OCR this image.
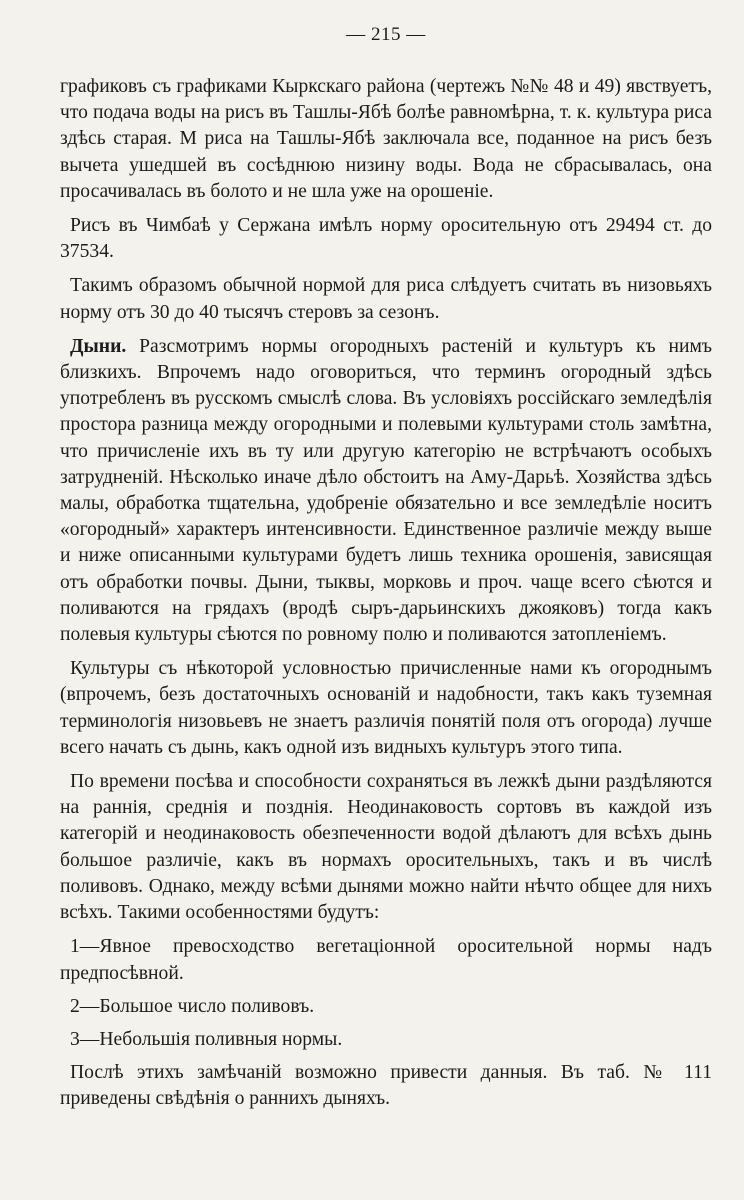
— 215 —

графиковъ съ графиками Кыркскаго района (чертежъ №№ 48 и 49) явствуетъ, что подача воды на рисъ въ Ташлы-Ябѣ болѣе равномѣрна, т. к. культура риса здѣсь старая. М риса на Ташлы-Ябѣ заключала все, поданное на рисъ безъ вычета ушедшей въ сосѣднюю низину воды. Вода не сбрасывалась, она просачивалась въ болото и не шла уже на орошеніе.

Рисъ въ Чимбаѣ у Сержана имѣлъ норму оросительную отъ 29494 ст. до 37534.

Такимъ образомъ обычной нормой для риса слѣдуетъ считать въ низовьяхъ норму отъ 30 до 40 тысячъ стеровъ за сезонъ.

Дыни. Разсмотримъ нормы огородныхъ растеній и культуръ къ нимъ близкихъ. Впрочемъ надо оговориться, что терминъ огородный здѣсь употребленъ въ русскомъ смыслѣ слова. Въ условіяхъ россійскаго земледѣлія простора разница между огородными и полевыми культурами столь замѣтна, что причисленіе ихъ въ ту или другую категорію не встрѣчаютъ особыхъ затрудненій. Нѣсколько иначе дѣло обстоитъ на Аму-Дарьѣ. Хозяйства здѣсь малы, обработка тщательна, удобреніе обязательно и все земледѣліе носитъ «огородный» характеръ интенсивности. Единственное различіе между выше и ниже описанными культурами будетъ лишь техника орошенія, зависящая отъ обработки почвы. Дыни, тыквы, морковь и проч. чаще всего сѣются и поливаются на грядахъ (вродѣ сыръ-дарьинскихъ джояковъ) тогда какъ полевыя культуры сѣются по ровному полю и поливаются затопленіемъ.

Культуры съ нѣкоторой условностью причисленные нами къ огороднымъ (впрочемъ, безъ достаточныхъ основаній и надобности, такъ какъ туземная терминологія низовьевъ не знаетъ различія понятій поля отъ огорода) лучше всего начать съ дынь, какъ одной изъ видныхъ культуръ этого типа.

По времени посѣва и способности сохраняться въ лежкѣ дыни раздѣляются на раннія, среднія и позднія. Неодинаковость сортовъ въ каждой изъ категорій и неодинаковость обезпеченности водой дѣлаютъ для всѣхъ дынь большое различіе, какъ въ нормахъ оросительныхъ, такъ и въ числѣ поливовъ. Однако, между всѣми дынями можно найти нѣчто общее для нихъ всѣхъ. Такими особенностями будутъ:

1—Явное превосходство вегетаціонной оросительной нормы надъ предпосѣвной.

2—Большое число поливовъ.

3—Небольшія поливныя нормы.

Послѣ этихъ замѣчаній возможно привести данныя. Въ таб. № 111 приведены свѣдѣнія о раннихъ дыняхъ.
